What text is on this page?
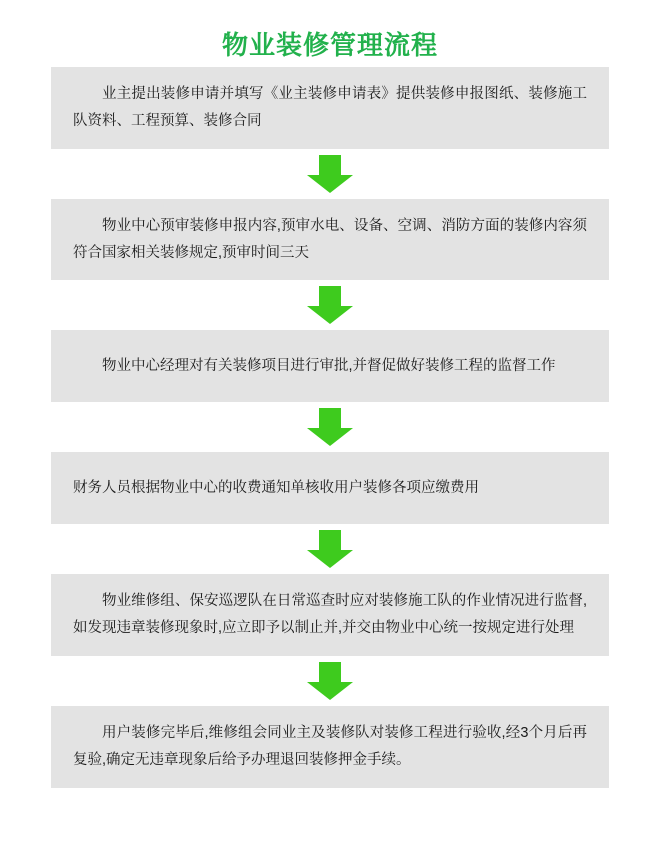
物业装修管理流程
业主提出装修申请并填写《业主装修申请表》提供装修申报图纸、装修施工队资料、工程预算、装修合同
物业中心预审装修申报内容,预审水电、设备、空调、消防方面的装修内容须符合国家相关装修规定,预审时间三天
物业中心经理对有关装修项目进行审批,并督促做好装修工程的监督工作
财务人员根据物业中心的收费通知单核收用户装修各项应缴费用
物业维修组、保安巡逻队在日常巡查时应对装修施工队的作业情况进行监督,如发现违章装修现象时,应立即予以制止并,并交由物业中心统一按规定进行处理
用户装修完毕后,维修组会同业主及装修队对装修工程进行验收,经3个月后再复验,确定无违章现象后给予办理退回装修押金手续。
